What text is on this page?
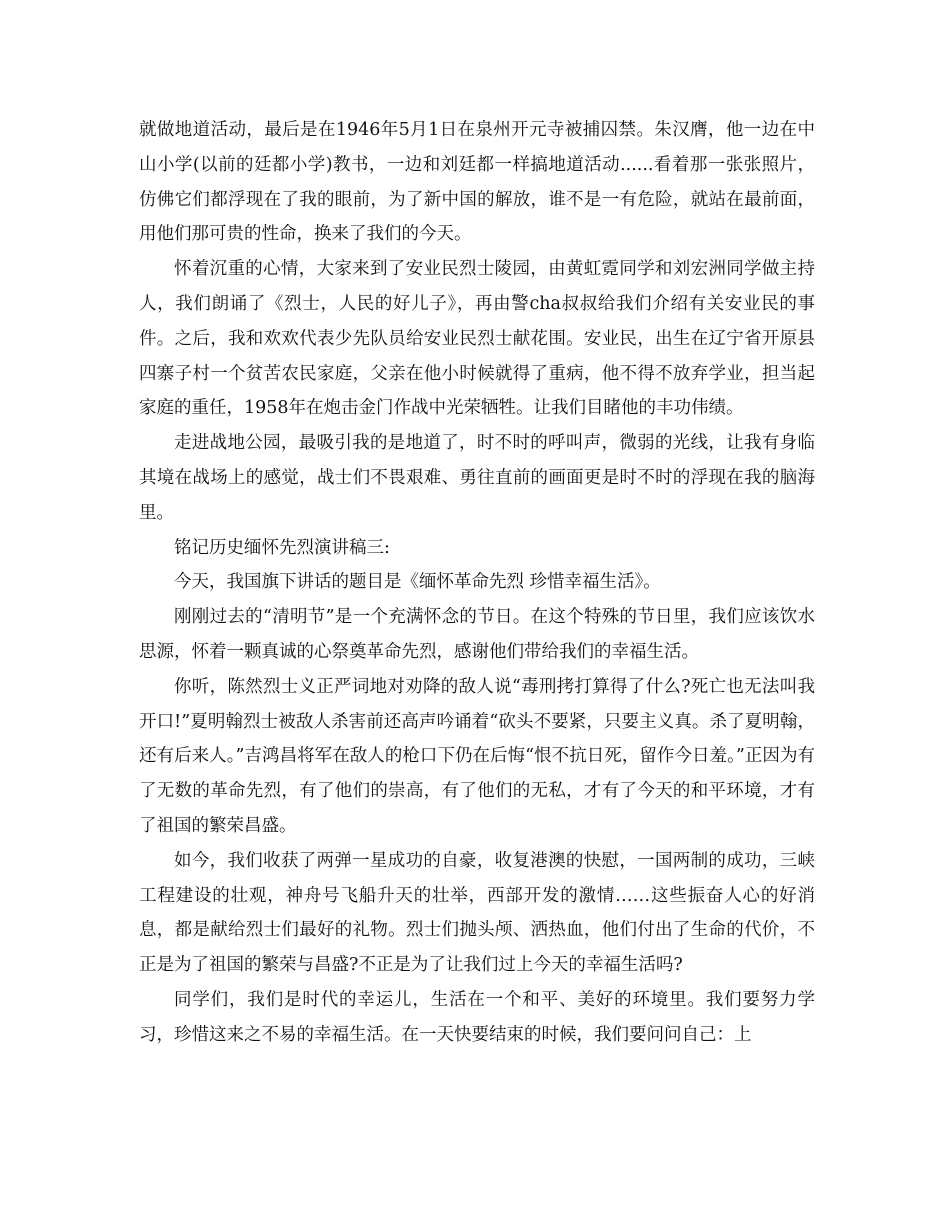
就做地道活动，最后是在1946年5月1日在泉州开元寺被捕囚禁。朱汉膺，他一边在中山小学(以前的廷都小学)教书，一边和刘廷都一样搞地道活动......看着那一张张照片，仿佛它们都浮现在了我的眼前，为了新中国的解放，谁不是一有危险，就站在最前面，用他们那可贵的性命，换来了我们的今天。

怀着沉重的心情，大家来到了安业民烈士陵园，由黄虹霓同学和刘宏洲同学做主持人，我们朗诵了《烈士，人民的好儿子》，再由警cha叔叔给我们介绍有关安业民的事件。之后，我和欢欢代表少先队员给安业民烈士献花围。安业民，出生在辽宁省开原县四寨子村一个贫苦农民家庭，父亲在他小时候就得了重病，他不得不放弃学业，担当起家庭的重任，1958年在炮击金门作战中光荣牺牲。让我们目睹他的丰功伟绩。

走进战地公园，最吸引我的是地道了，时不时的呼叫声，微弱的光线，让我有身临其境在战场上的感觉，战士们不畏艰难、勇往直前的画面更是时不时的浮现在我的脑海里。

铭记历史缅怀先烈演讲稿三:

今天，我国旗下讲话的题目是《缅怀革命先烈 珍惜幸福生活》。

刚刚过去的“清明节”是一个充满怀念的节日。在这个特殊的节日里，我们应该饮水思源，怀着一颗真诚的心祭奠革命先烈，感谢他们带给我们的幸福生活。

你听，陈然烈士义正严词地对劝降的敌人说“毒刑拷打算得了什么?死亡也无法叫我开口!”夏明翰烈士被敌人杀害前还高声吟诵着“砍头不要紧，只要主义真。杀了夏明翰， 还有后来人。”吉鸿昌将军在敌人的枪口下仍在后悔“恨不抗日死，留作今日羞。”正因为有了无数的革命先烈，有了他们的崇高，有了他们的无私，才有了今天的和平环境，才有了祖国的繁荣昌盛。

如今，我们收获了两弹一星成功的自豪，收复港澳的快慰，一国两制的成功，三峡工程建设的壮观，神舟号飞船升天的壮举，西部开发的激情……这些振奋人心的好消息，都是献给烈士们最好的礼物。烈士们抛头颅、洒热血，他们付出了生命的代价，不正是为了祖国的繁荣与昌盛?不正是为了让我们过上今天的幸福生活吗?

同学们，我们是时代的幸运儿，生活在一个和平、美好的环境里。我们要努力学习，珍惜这来之不易的幸福生活。在一天快要结束的时候，我们要问问自己：上
